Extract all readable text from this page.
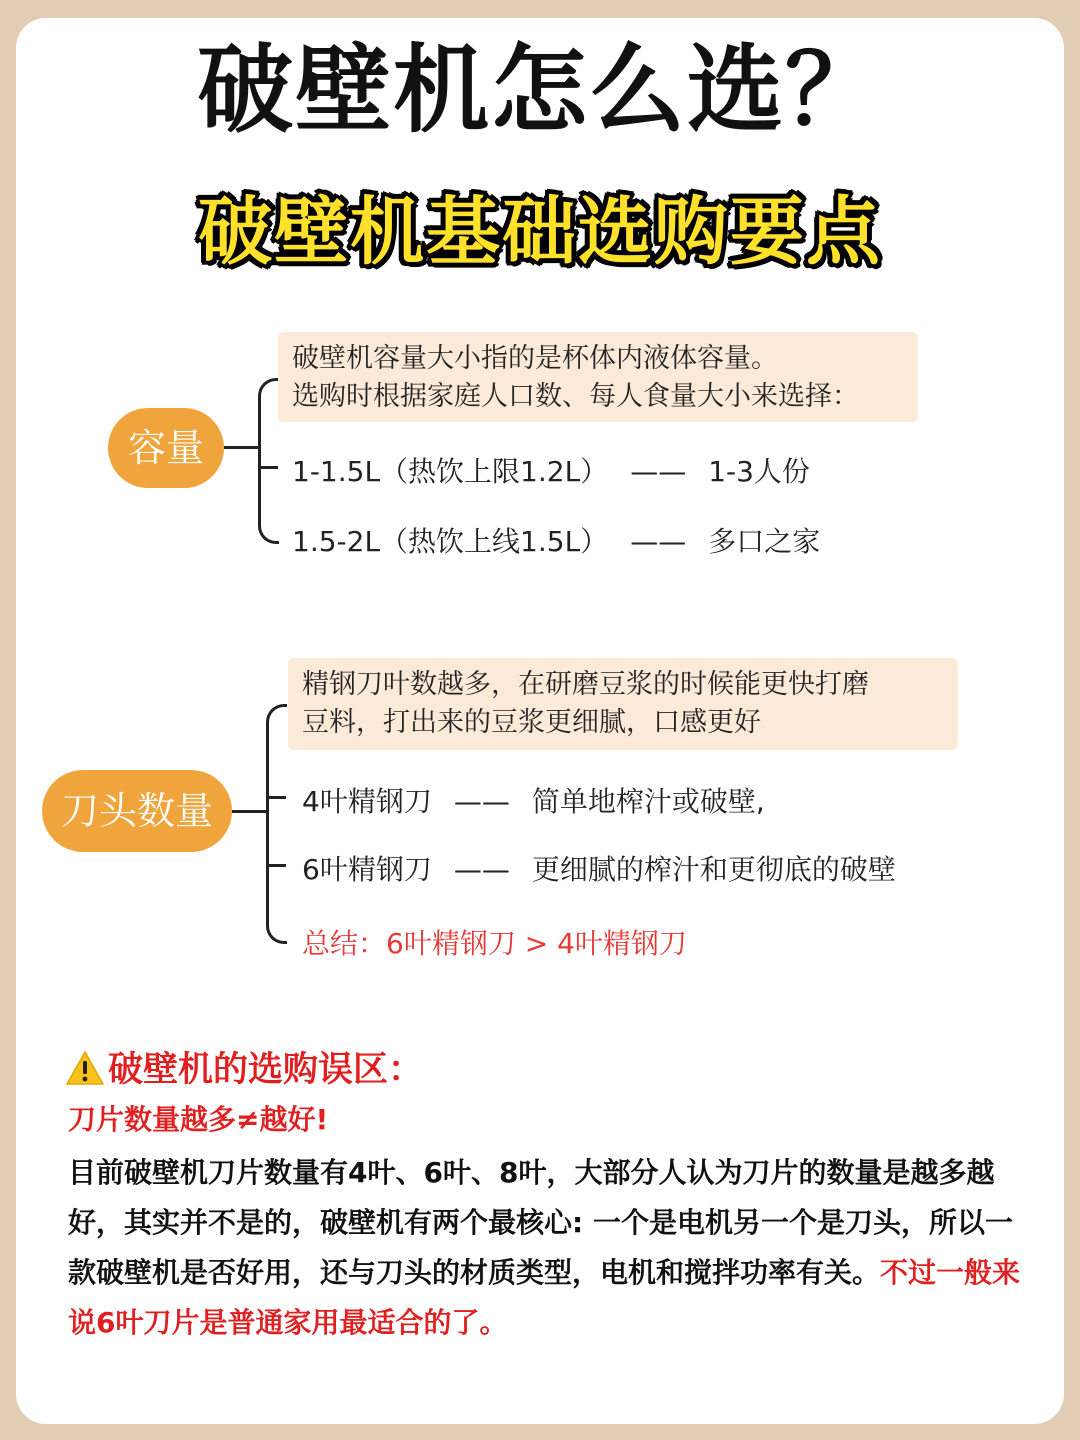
破壁机怎么选？
破壁机基础选购要点
容量
破壁机容量大小指的是杯体内液体容量。
选购时根据家庭人口数、每人食量大小来选择：
1-1.5L（热饮上限1.2L） —— 1-3人份
1.5-2L（热饮上线1.5L） —— 多口之家
刀头数量
精钢刀叶数越多，在研磨豆浆的时候能更快打磨
豆料，打出来的豆浆更细腻，口感更好
4叶精钢刀 —— 简单地榨汁或破壁,
6叶精钢刀 —— 更细腻的榨汁和更彻底的破壁
总结：6叶精钢刀 > 4叶精钢刀
破壁机的选购误区：
刀片数量越多≠越好!
目前破壁机刀片数量有4叶、6叶、8叶，大部分人认为刀片的数量是越多越好，其实并不是的，破壁机有两个最核心: 一个是电机另一个是刀头，所以一款破壁机是否好用，还与刀头的材质类型，电机和搅拌功率有关。不过一般来说6叶刀片是普通家用最适合的了。
